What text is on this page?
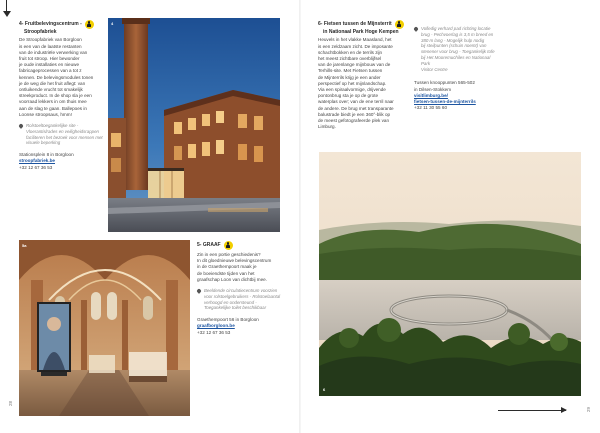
4- Fruitbelevingscentrum -
Stroopfabriek

De Stroopfabriek van Borgloon

is een van de laatste restanten

van de industriële verwerking van

fruit tot stroop. Hier bewonder

je oude installaties en nieuwe

fabricageprocessen van a tot z

kennen. De belevingsmodules tonen

je de weg die het fruit aflegt: van

ontluikende vrucht tot smakelijk

streekproduct. In de shop sla je een

voorraad lekkers in om thuis mee

aan de slag te gaan. Ballepoes in

Loonse stroopsaus, hmm!

Rolstoeltoegankelijke site -
Vloerantislrades en veiligheidsrappen
faciliteren het bezoek voor mensen met
visuele beperking
Stationsplein 8 in Borgloon
stroopfabriek.be
+32 12 67 36 53
4
5a	5- GRAAF

Zin in een portie geschiedenis?

In dit gloednieuwe belevingscentrum

in de Graethempoort maak je

de boeiendste tijden van het

graafschap Loon van dichtbij mee.

Beeldende circulatiecentrum voorzien
voor rolstoelgebruikers - Rolstoelaantal
verhoogd en ondersteund -
Toegankelijke toilet beschikbaar
Graethempoort 56 in Borgloon
graafborgloon.be
+32 12 67 36 53
28
6- Fietsen tussen de Mijnsterrit
in Nationaal Park Hoge Kempen

Heuvels in het vlakke Maasland, het

is een zeldzaam zicht. De imposante

schachtbokken en de terrils zijn

het meest zichtbare overblijfsel

van de jarenlange mijnbouw van de

Terhills-site. Met Fietsen tussen

de Mijnterrils krijg je een ander

perspectief op het mijnlandschap.

Via een spiraalvormige, drijvende

pontonbrug sta je op de grote

waterplas over; van de ene terril naar

de andere. De brug met transparante

balustrade biedt je een 360°-blik op

de meest gefotografeerde plek van

Limburg.

Volledig verhard pad richting locatie
brug - Pechvoerlag is 3,5 m breed en
380 m lang - Mogelijk hulp nodig
bij steilpunten (schuin noemt) van
stenener voor brug - Toegankelijk tofe
bij Het Mooremuchiles en Nationaal Park
Visitor Centre
Tussen knooppunten 565-502
in Dilsen-Stokkem
visitlimburg.be/
fietsen-tussen-de-mijnterrils
+32 11 30 55 60
6
29
